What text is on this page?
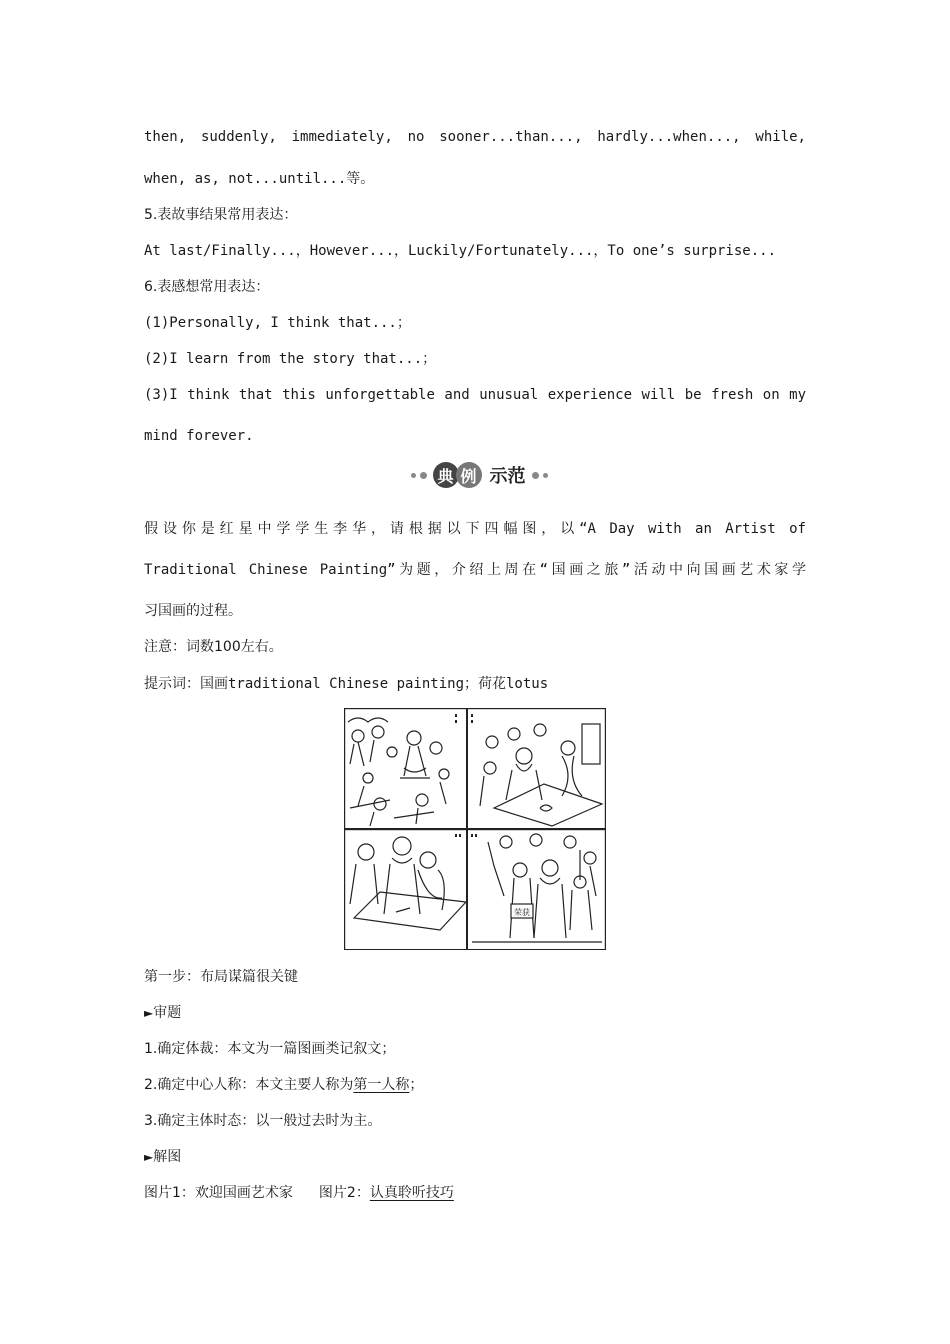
then, suddenly, immediately, no sooner...than..., hardly...when..., while,
when, as, not...until...等。
5.表故事结果常用表达：
At last/Finally...，However...，Luckily/Fortunately...，To one’s surprise...
6.表感想常用表达：
(1)Personally, I think that...；
(2)I learn from the story that...；
(3)I think that this unforgettable and unusual experience will be fresh on my
mind forever.
典 例 示范
假设你是红星中学学生李华，请根据以下四幅图，以“A Day with an Artist of
Traditional Chinese Painting”为题，介绍上周在“国画之旅”活动中向国画艺术家学
习国画的过程。
注意：词数100左右。
提示词：国画traditional Chinese painting；荷花lotus
荣获
第一步：布局谋篇很关键
►审题
1.确定体裁：本文为一篇图画类记叙文；
2.确定中心人称：本文主要人称为第一人称；
3.确定主体时态：以一般过去时为主。
►解图
图片1：欢迎国画艺术家 图片2：认真聆听技巧
